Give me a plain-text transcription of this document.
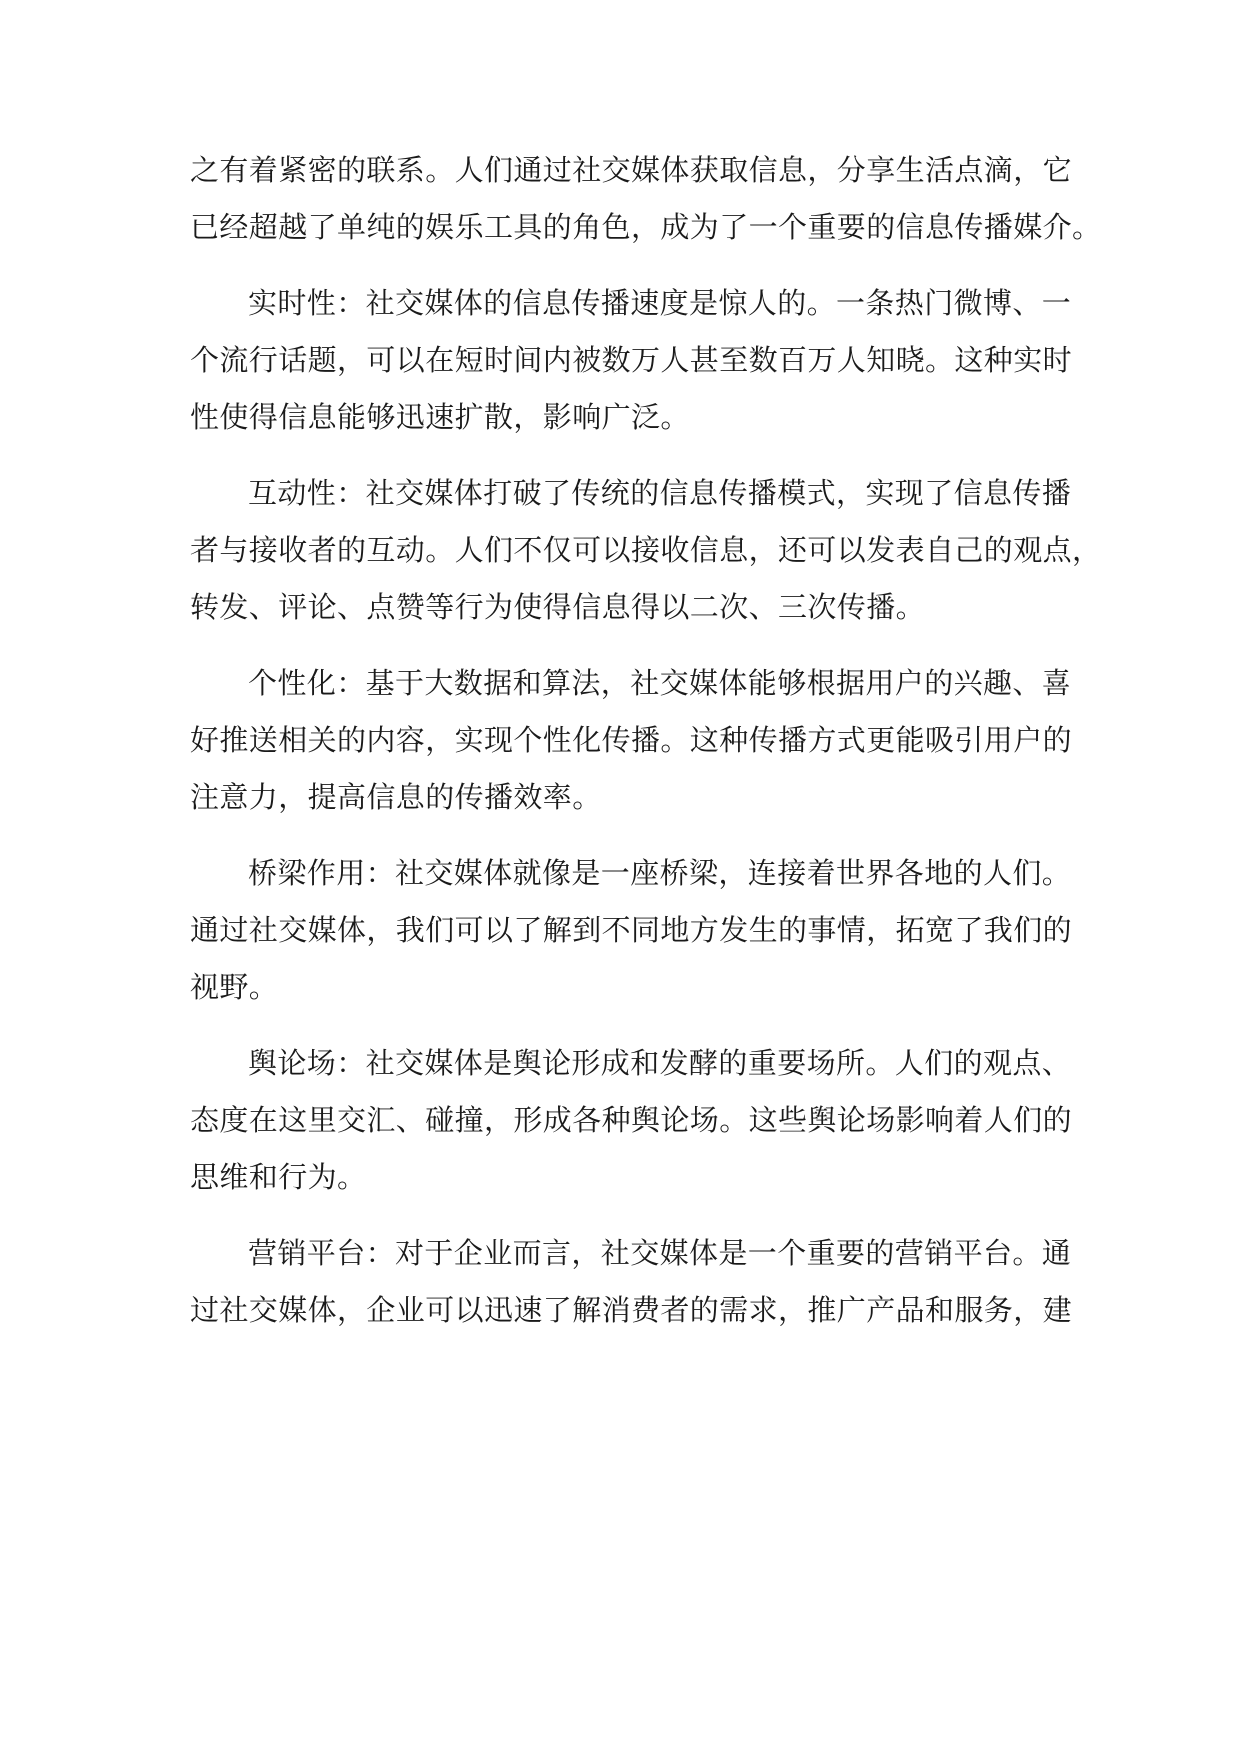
之有着紧密的联系。人们通过社交媒体获取信息，分享生活点滴，它
已经超越了单纯的娱乐工具的角色，成为了一个重要的信息传播媒介。
实时性：社交媒体的信息传播速度是惊人的。一条热门微博、一
个流行话题，可以在短时间内被数万人甚至数百万人知晓。这种实时
性使得信息能够迅速扩散，影响广泛。
互动性：社交媒体打破了传统的信息传播模式，实现了信息传播
者与接收者的互动。人们不仅可以接收信息，还可以发表自己的观点，
转发、评论、点赞等行为使得信息得以二次、三次传播。
个性化：基于大数据和算法，社交媒体能够根据用户的兴趣、喜
好推送相关的内容，实现个性化传播。这种传播方式更能吸引用户的
注意力，提高信息的传播效率。
桥梁作用：社交媒体就像是一座桥梁，连接着世界各地的人们。
通过社交媒体，我们可以了解到不同地方发生的事情，拓宽了我们的
视野。
舆论场：社交媒体是舆论形成和发酵的重要场所。人们的观点、
态度在这里交汇、碰撞，形成各种舆论场。这些舆论场影响着人们的
思维和行为。
营销平台：对于企业而言，社交媒体是一个重要的营销平台。通
过社交媒体，企业可以迅速了解消费者的需求，推广产品和服务，建
